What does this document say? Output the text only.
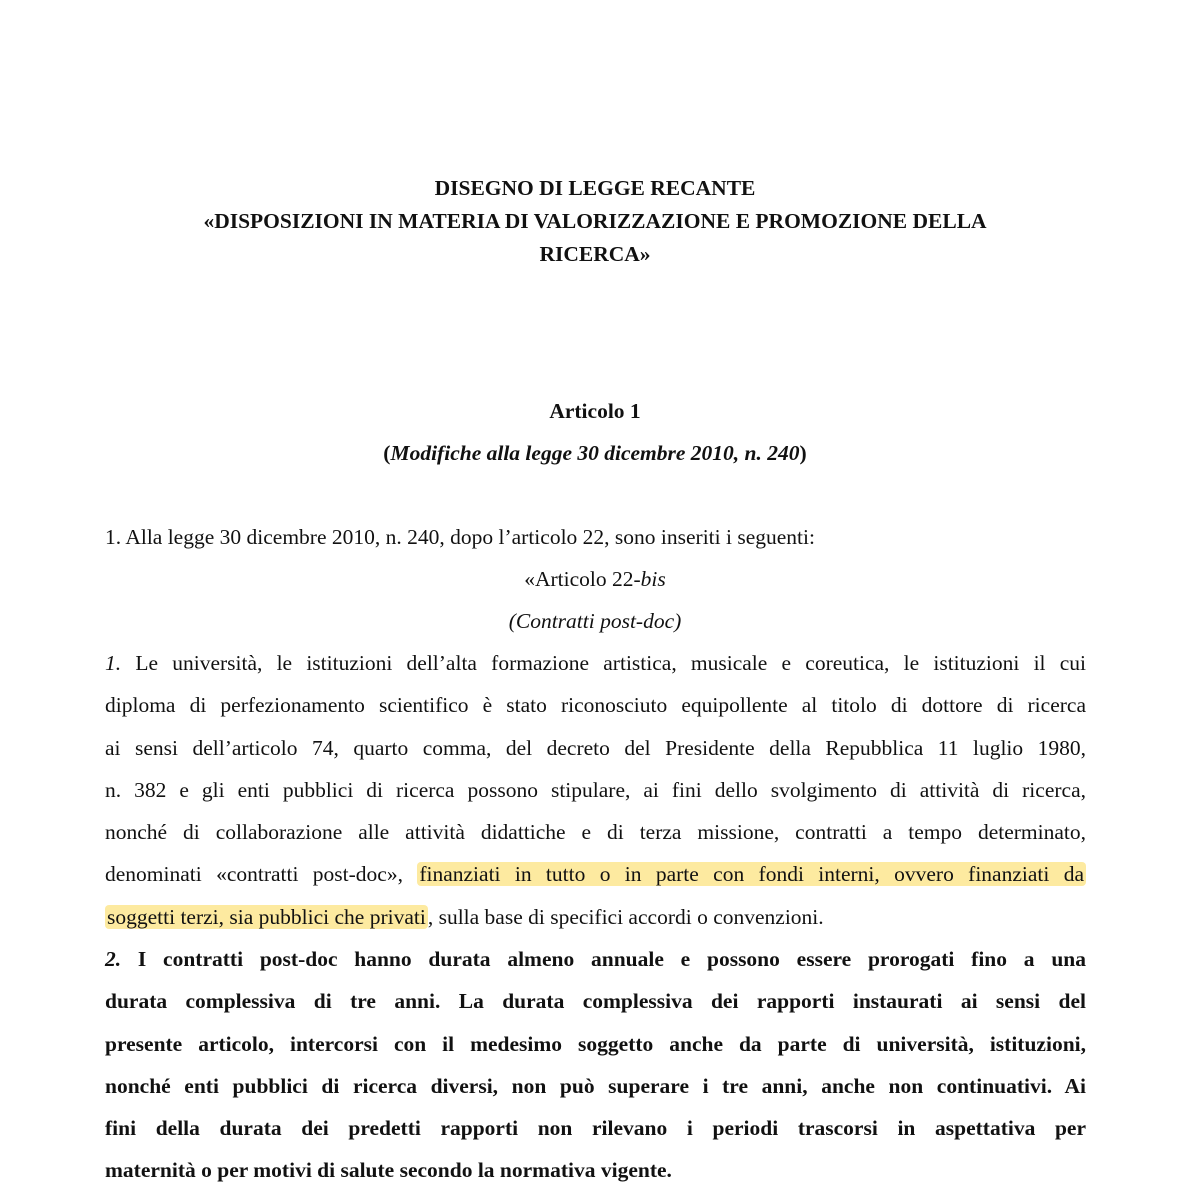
DISEGNO DI LEGGE RECANTE
«DISPOSIZIONI IN MATERIA DI VALORIZZAZIONE E PROMOZIONE DELLA
RICERCA»
Articolo 1
(Modifiche alla legge 30 dicembre 2010, n. 240)
1. Alla legge 30 dicembre 2010, n. 240, dopo l’articolo 22, sono inseriti i seguenti:
«Articolo 22-bis
(Contratti post-doc)
1. Le università, le istituzioni dell’alta formazione artistica, musicale e coreutica, le istituzioni il cui
diploma di perfezionamento scientifico è stato riconosciuto equipollente al titolo di dottore di ricerca
ai sensi dell’articolo 74, quarto comma, del decreto del Presidente della Repubblica 11 luglio 1980,
n. 382 e gli enti pubblici di ricerca possono stipulare, ai fini dello svolgimento di attività di ricerca,
nonché di collaborazione alle attività didattiche e di terza missione, contratti a tempo determinato,
denominati «contratti post-doc», finanziati in tutto o in parte con fondi interni, ovvero finanziati da
soggetti terzi, sia pubblici che privati, sulla base di specifici accordi o convenzioni.
2. I contratti post-doc hanno durata almeno annuale e possono essere prorogati fino a una
durata complessiva di tre anni. La durata complessiva dei rapporti instaurati ai sensi del
presente articolo, intercorsi con il medesimo soggetto anche da parte di università, istituzioni,
nonché enti pubblici di ricerca diversi, non può superare i tre anni, anche non continuativi. Ai
fini della durata dei predetti rapporti non rilevano i periodi trascorsi in aspettativa per
maternità o per motivi di salute secondo la normativa vigente.
